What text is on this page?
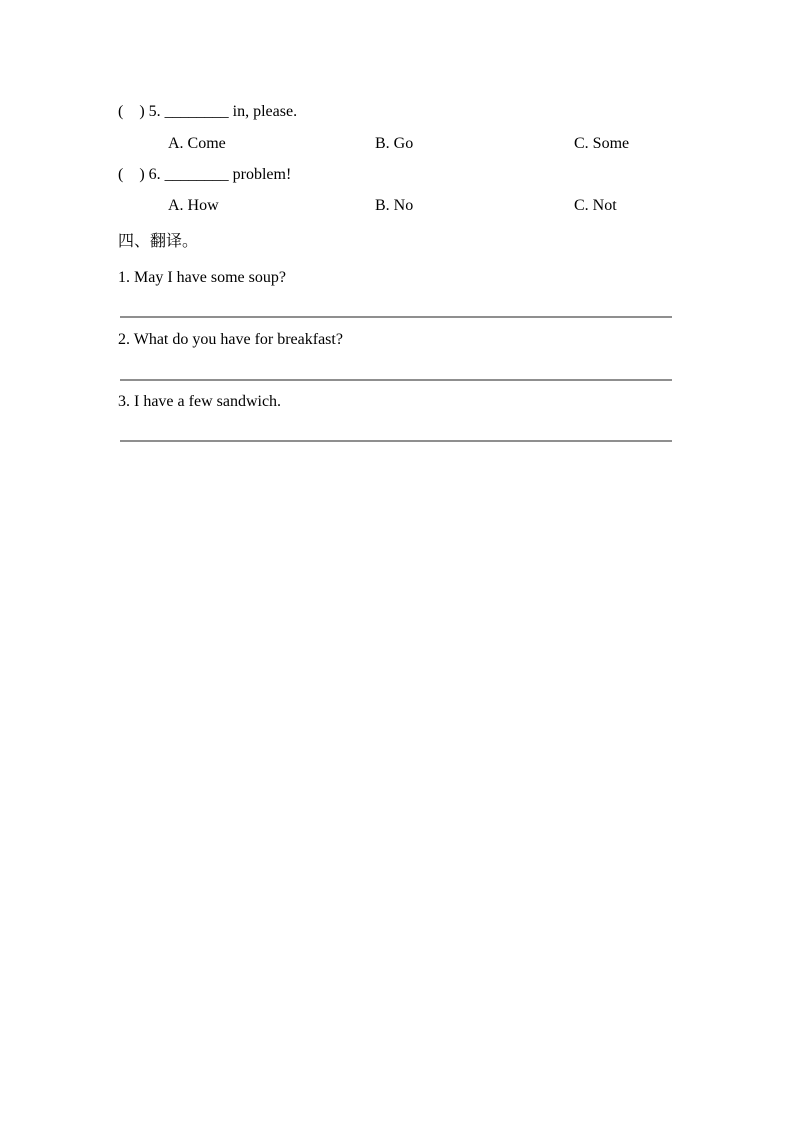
(    ) 5. ________ in, please.

A. Come

	B. Go

	C. Some

(    ) 6. ________ problem!

A. How

	B. No

	C. Not

四、翻译。
1. May I have some soup?
2. What do you have for breakfast?
3. I have a few sandwich.
